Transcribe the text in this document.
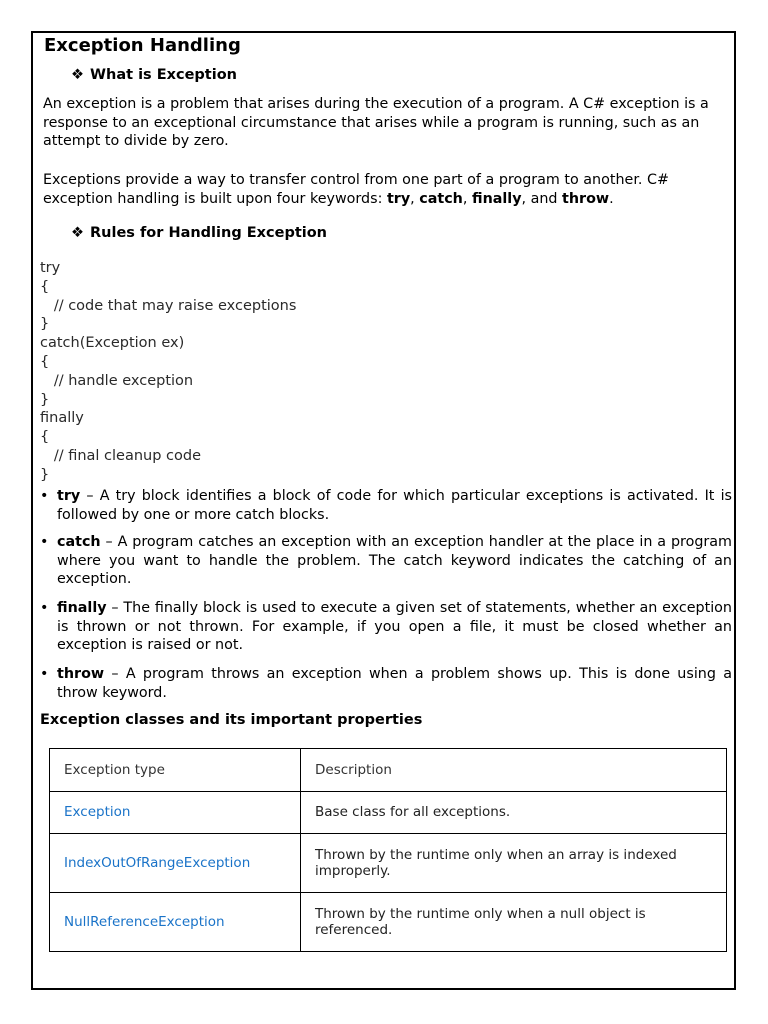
Exception Handling
❖ What is Exception

An exception is a problem that arises during the execution of a program. A C# exception is a response to an exceptional circumstance that arises while a program is running, such as an attempt to divide by zero.

Exceptions provide a way to transfer control from one part of a program to another. C# exception handling is built upon four keywords: try, catch, finally, and throw.

❖ Rules for Handling Exception
try
{
// code that may raise exceptions
}
catch(Exception ex)
{
// handle exception
}
finally
{
// final cleanup code
}
• try – A try block identifies a block of code for which particular exceptions is activated. It is followed by one or more catch blocks.
• catch – A program catches an exception with an exception handler at the place in a program where you want to handle the problem. The catch keyword indicates the catching of an exception.
• finally – The finally block is used to execute a given set of statements, whether an exception is thrown or not thrown. For example, if you open a file, it must be closed whether an exception is raised or not.
• throw – A program throws an exception when a problem shows up. This is done using a throw keyword.
Exception classes and its important properties
Exception type	Description
Exception	Base class for all exceptions.
IndexOutOfRangeException	Thrown by the runtime only when an array is indexed improperly.
NullReferenceException	Thrown by the runtime only when a null object is referenced.
